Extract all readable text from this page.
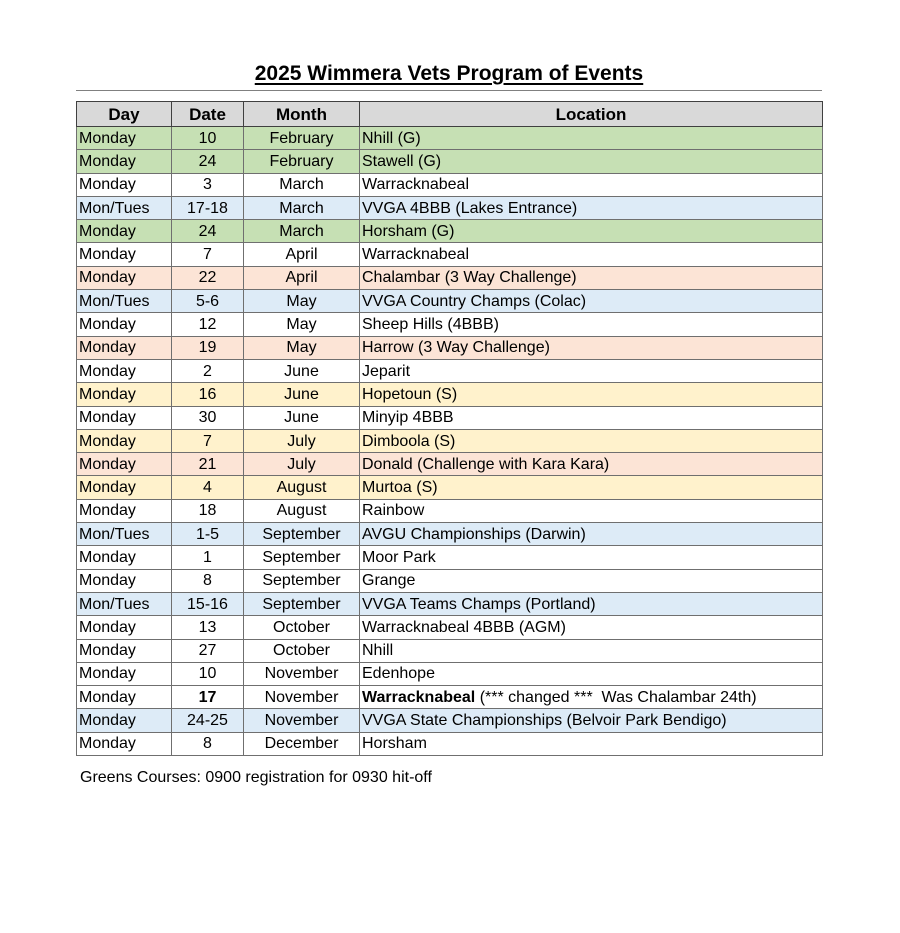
2025 Wimmera Vets Program of Events
Day	Date	Month	Location
Monday	10	February	Nhill (G)
Monday	24	February	Stawell (G)
Monday	3	March	Warracknabeal
Mon/Tues	17-18	March	VVGA 4BBB (Lakes Entrance)
Monday	24	March	Horsham (G)
Monday	7	April	Warracknabeal
Monday	22	April	Chalambar (3 Way Challenge)
Mon/Tues	5-6	May	VVGA Country Champs (Colac)
Monday	12	May	Sheep Hills (4BBB)
Monday	19	May	Harrow (3 Way Challenge)
Monday	2	June	Jeparit
Monday	16	June	Hopetoun (S)
Monday	30	June	Minyip 4BBB
Monday	7	July	Dimboola (S)
Monday	21	July	Donald (Challenge with Kara Kara)
Monday	4	August	Murtoa (S)
Monday	18	August	Rainbow
Mon/Tues	1-5	September	AVGU Championships (Darwin)
Monday	1	September	Moor Park
Monday	8	September	Grange
Mon/Tues	15-16	September	VVGA Teams Champs (Portland)
Monday	13	October	Warracknabeal 4BBB (AGM)
Monday	27	October	Nhill
Monday	10	November	Edenhope
Monday	17	November	Warracknabeal (*** changed ***  Was Chalambar 24th)
Monday	24-25	November	VVGA State Championships (Belvoir Park Bendigo)
Monday	8	December	Horsham
Greens Courses: 0900 registration for 0930 hit-off
